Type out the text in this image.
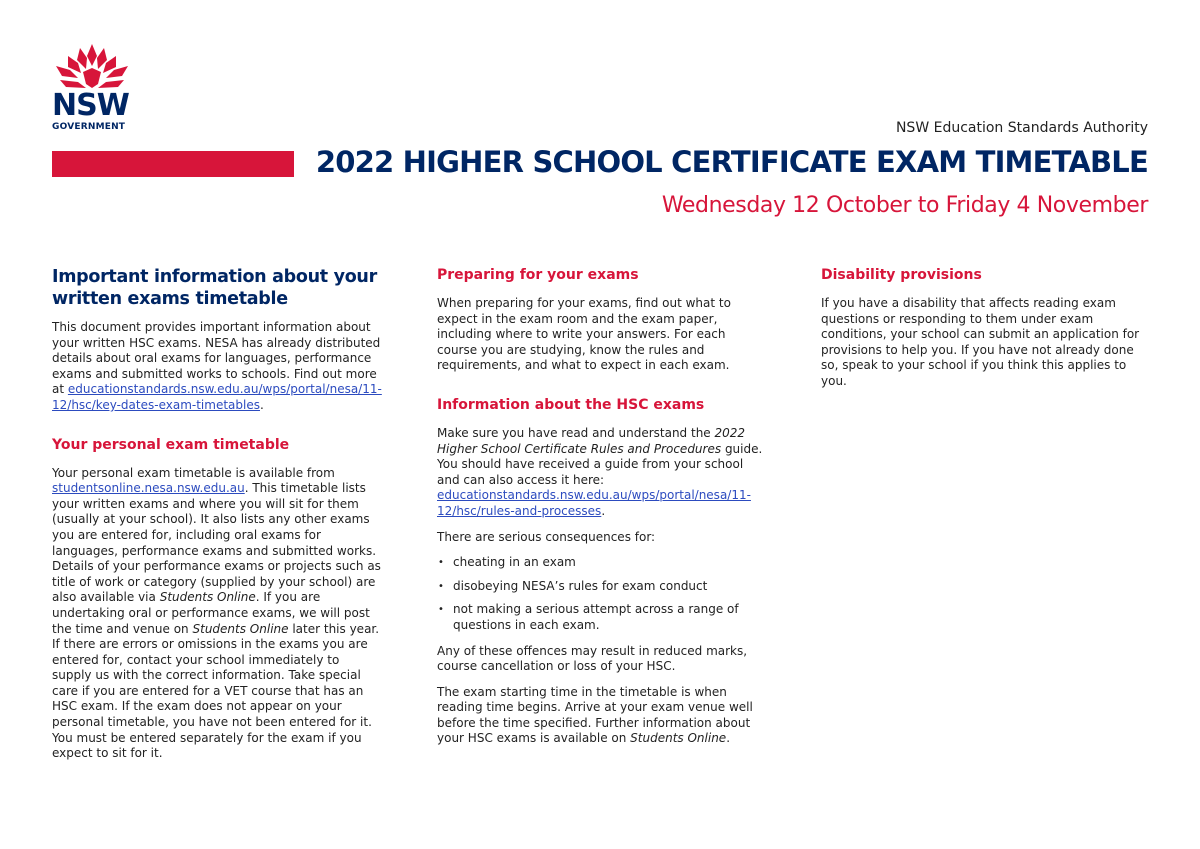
NSW
GOVERNMENT	NSW Education Standards Authority
2022 HIGHER SCHOOL CERTIFICATE EXAM TIMETABLE
Wednesday 12 October to Friday 4 November
Important information about your written exams timetable

This document provides important information about your written HSC exams. NESA has already distributed details about oral exams for languages, performance exams and submitted works to schools. Find out more at educationstandards.nsw.edu.au/wps/portal/nesa/11-12/hsc/key-dates-exam-timetables.

Your personal exam timetable

Your personal exam timetable is available from studentsonline.nesa.nsw.edu.au. This timetable lists your written exams and where you will sit for them (usually at your school). It also lists any other exams you are entered for, including oral exams for languages, performance exams and submitted works. Details of your performance exams or projects such as title of work or category (supplied by your school) are also available via Students Online. If you are undertaking oral or performance exams, we will post the time and venue on Students Online later this year. If there are errors or omissions in the exams you are entered for, contact your school immediately to supply us with the correct information. Take special care if you are entered for a VET course that has an HSC exam. If the exam does not appear on your personal timetable, you have not been entered for it. You must be entered separately for the exam if you expect to sit for it.

Preparing for your exams

When preparing for your exams, find out what to expect in the exam room and the exam paper, including where to write your answers. For each course you are studying, know the rules and requirements, and what to expect in each exam.

Information about the HSC exams

Make sure you have read and understand the 2022 Higher School Certificate Rules and Procedures guide. You should have received a guide from your school and can also access it here: educationstandards.nsw.edu.au/wps/portal/nesa/11-12/hsc/rules-and-processes.

There are serious consequences for:

• cheating in an exam
• disobeying NESA’s rules for exam conduct
• not making a serious attempt across a range of questions in each exam.

Any of these offences may result in reduced marks, course cancellation or loss of your HSC.

The exam starting time in the timetable is when reading time begins. Arrive at your exam venue well before the time specified. Further information about your HSC exams is available on Students Online.

Disability provisions

If you have a disability that affects reading exam questions or responding to them under exam conditions, your school can submit an application for provisions to help you. If you have not already done so, speak to your school if you think this applies to you.
